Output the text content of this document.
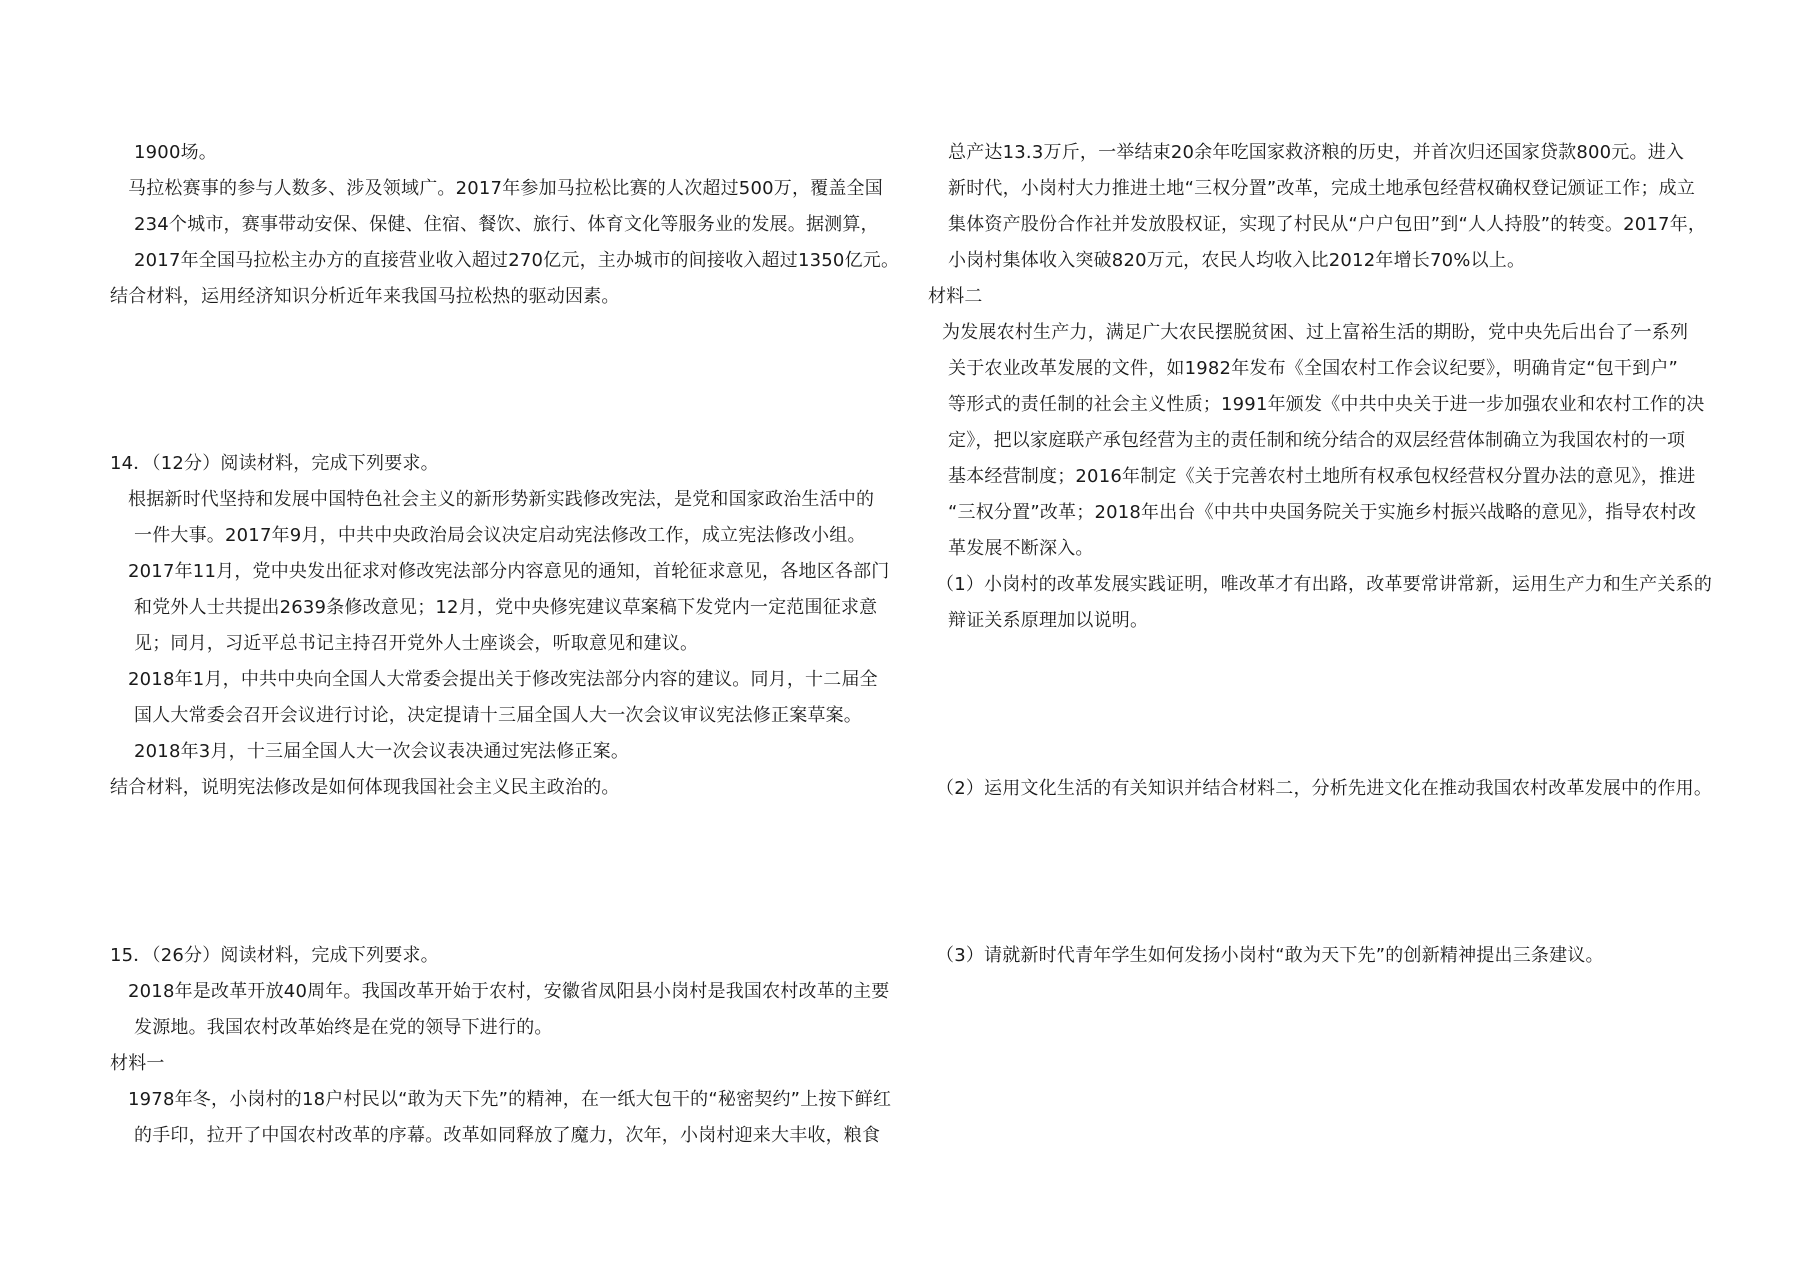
1900场。
马拉松赛事的参与人数多、涉及领域广。2017年参加马拉松比赛的人次超过500万，覆盖全国
234个城市，赛事带动安保、保健、住宿、餐饮、旅行、体育文化等服务业的发展。据测算，
2017年全国马拉松主办方的直接营业收入超过270亿元，主办城市的间接收入超过1350亿元。
结合材料，运用经济知识分析近年来我国马拉松热的驱动因素。
14．（12分）阅读材料，完成下列要求。
根据新时代坚持和发展中国特色社会主义的新形势新实践修改宪法，是党和国家政治生活中的
一件大事。2017年9月，中共中央政治局会议决定启动宪法修改工作，成立宪法修改小组。
2017年11月，党中央发出征求对修改宪法部分内容意见的通知，首轮征求意见，各地区各部门
和党外人士共提出2639条修改意见；12月，党中央修宪建议草案稿下发党内一定范围征求意
见；同月，习近平总书记主持召开党外人士座谈会，听取意见和建议。
2018年1月，中共中央向全国人大常委会提出关于修改宪法部分内容的建议。同月，十二届全
国人大常委会召开会议进行讨论，决定提请十三届全国人大一次会议审议宪法修正案草案。
2018年3月，十三届全国人大一次会议表决通过宪法修正案。
结合材料，说明宪法修改是如何体现我国社会主义民主政治的。
15．（26分）阅读材料，完成下列要求。
2018年是改革开放40周年。我国改革开始于农村，安徽省凤阳县小岗村是我国农村改革的主要
发源地。我国农村改革始终是在党的领导下进行的。
材料一
1978年冬，小岗村的18户村民以“敢为天下先”的精神，在一纸大包干的“秘密契约”上按下鲜红
的手印，拉开了中国农村改革的序幕。改革如同释放了魔力，次年，小岗村迎来大丰收，粮食
总产达13.3万斤，一举结束20余年吃国家救济粮的历史，并首次归还国家贷款800元。进入
新时代，小岗村大力推进土地“三权分置”改革，完成土地承包经营权确权登记颁证工作；成立
集体资产股份合作社并发放股权证，实现了村民从“户户包田”到“人人持股”的转变。2017年，
小岗村集体收入突破820万元，农民人均收入比2012年增长70%以上。
材料二
为发展农村生产力，满足广大农民摆脱贫困、过上富裕生活的期盼，党中央先后出台了一系列
关于农业改革发展的文件，如1982年发布《全国农村工作会议纪要》，明确肯定“包干到户”
等形式的责任制的社会主义性质；1991年颁发《中共中央关于进一步加强农业和农村工作的决
定》，把以家庭联产承包经营为主的责任制和统分结合的双层经营体制确立为我国农村的一项
基本经营制度；2016年制定《关于完善农村土地所有权承包权经营权分置办法的意见》，推进
“三权分置”改革；2018年出台《中共中央国务院关于实施乡村振兴战略的意见》，指导农村改
革发展不断深入。
（1）小岗村的改革发展实践证明，唯改革才有出路，改革要常讲常新，运用生产力和生产关系的
辩证关系原理加以说明。
（2）运用文化生活的有关知识并结合材料二，分析先进文化在推动我国农村改革发展中的作用。
（3）请就新时代青年学生如何发扬小岗村“敢为天下先”的创新精神提出三条建议。
